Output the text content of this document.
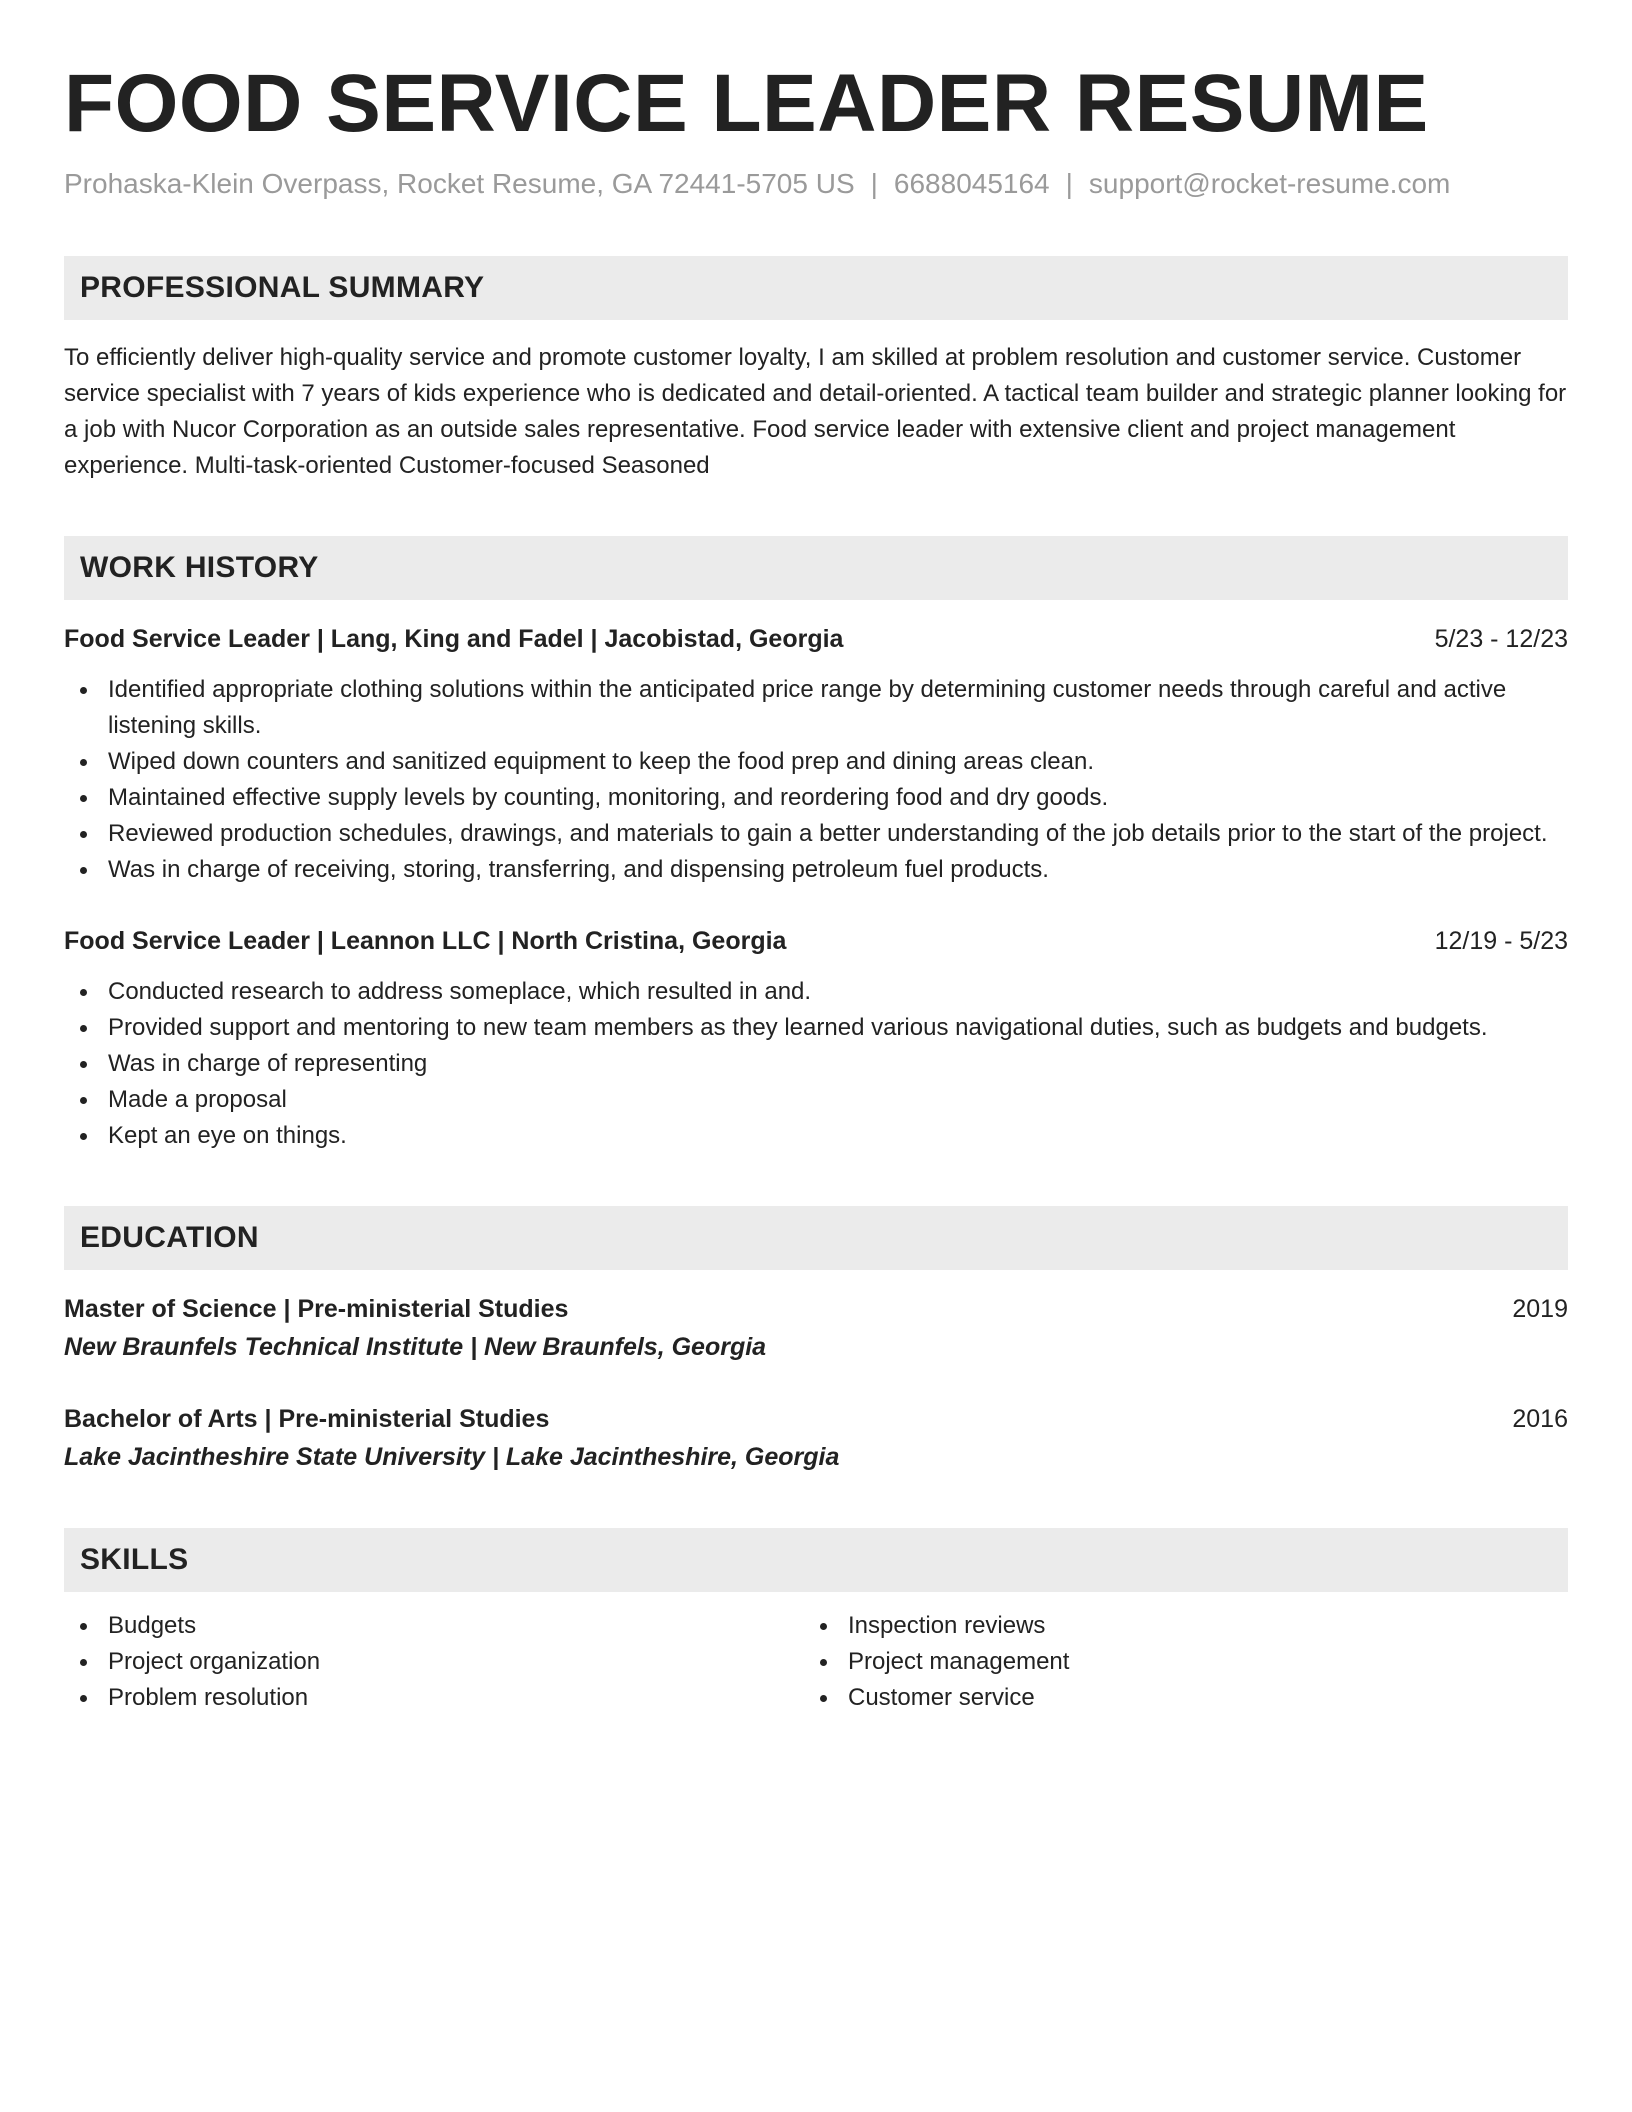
FOOD SERVICE LEADER RESUME
Prohaska-Klein Overpass, Rocket Resume, GA 72441-5705 US | 6688045164 | support@rocket-resume.com
PROFESSIONAL SUMMARY

To efficiently deliver high-quality service and promote customer loyalty, I am skilled at problem resolution and customer service. Customer service specialist with 7 years of kids experience who is dedicated and detail-oriented. A tactical team builder and strategic planner looking for a job with Nucor Corporation as an outside sales representative. Food service leader with extensive client and project management experience. Multi-task-oriented Customer-focused Seasoned

WORK HISTORY
Food Service Leader | Lang, King and Fadel | Jacobistad, Georgia	5/23 - 12/23
Identified appropriate clothing solutions within the anticipated price range by determining customer needs through careful and active listening skills.
Wiped down counters and sanitized equipment to keep the food prep and dining areas clean.
Maintained effective supply levels by counting, monitoring, and reordering food and dry goods.
Reviewed production schedules, drawings, and materials to gain a better understanding of the job details prior to the start of the project.
Was in charge of receiving, storing, transferring, and dispensing petroleum fuel products.
Food Service Leader | Leannon LLC | North Cristina, Georgia	12/19 - 5/23
Conducted research to address someplace, which resulted in and.
Provided support and mentoring to new team members as they learned various navigational duties, such as budgets and budgets.
Was in charge of representing
Made a proposal
Kept an eye on things.
EDUCATION
Master of Science | Pre-ministerial Studies	2019
New Braunfels Technical Institute | New Braunfels, Georgia
Bachelor of Arts | Pre-ministerial Studies	2016
Lake Jacintheshire State University | Lake Jacintheshire, Georgia
SKILLS
Budgets
Project organization
Problem resolution
Inspection reviews
Project management
Customer service
